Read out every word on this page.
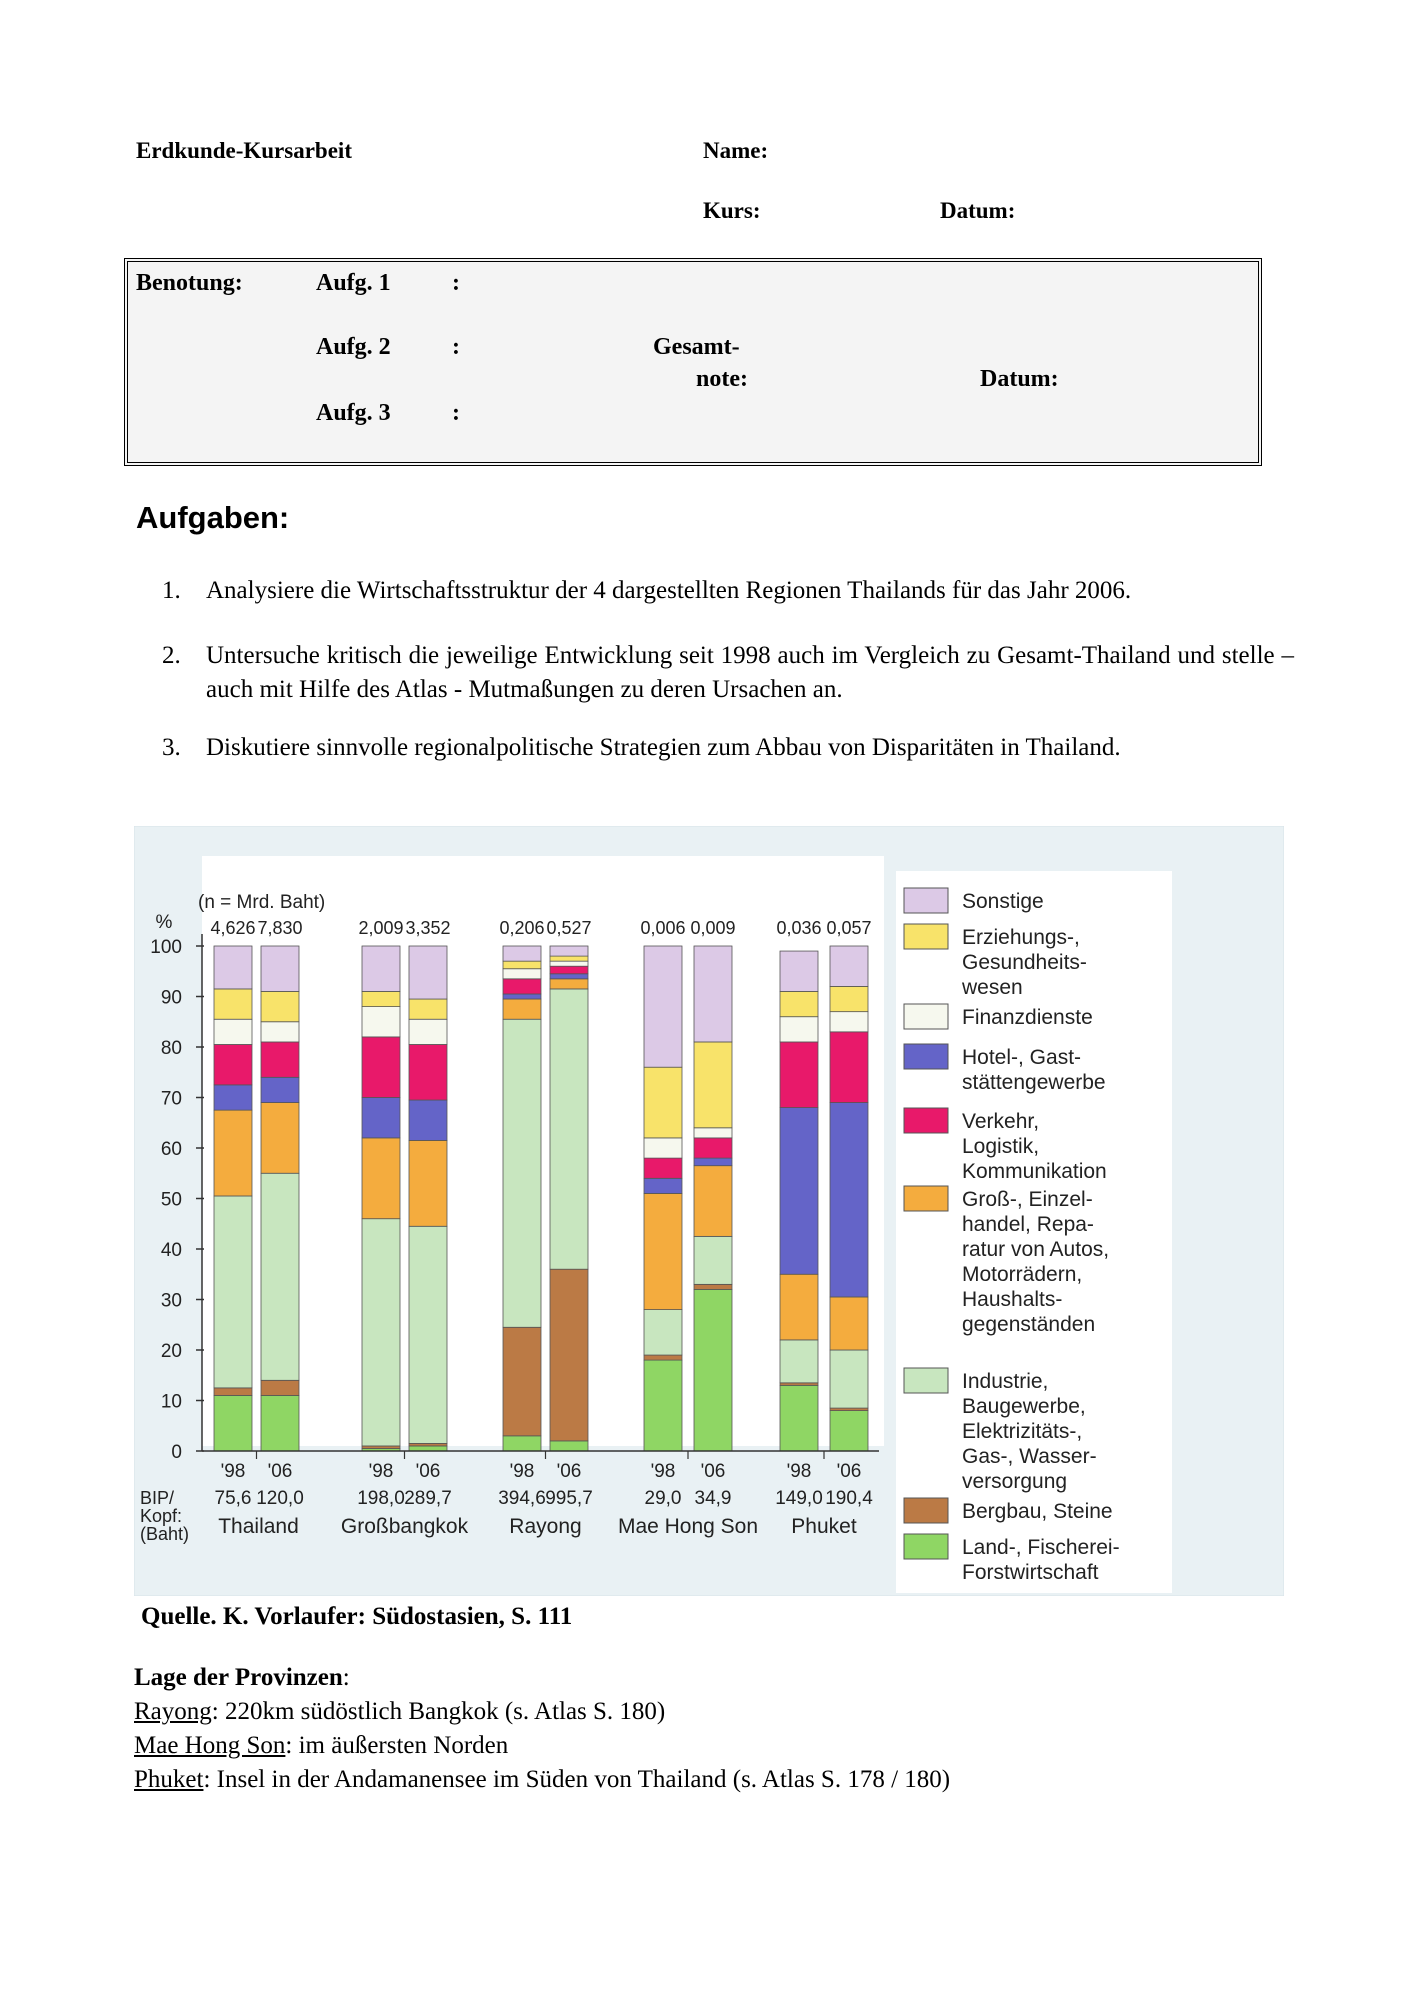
Erdkunde-Kursarbeit	Name:
Kurs:	Datum:
Benotung:	Aufg. 1	:
Aufg. 2	:
Aufg. 3	:
Gesamt-
note:	Datum:
Aufgaben:
1. Analysiere die Wirtschaftsstruktur der 4 dargestellten Regionen Thailands für das Jahr 2006.
2. Untersuche kritisch die jeweilige Entwicklung seit 1998 auch im Vergleich zu Gesamt-Thailand und stelle – auch mit Hilfe des Atlas - Mutmaßungen zu deren Ursachen an.
3. Diskutiere sinnvolle regionalpolitische Strategien zum Abbau von Disparitäten in Thailand.
0
10
20
30
40
50
60
70
80
90
100
%
(n = Mrd. Baht)
4,626
'98
75,6
7,830
'06
120,0
Thailand
2,009
'98
198,0
3,352
'06
289,7
Großbangkok
0,206
'98
394,6
0,527
'06
995,7
Rayong
0,006
'98
29,0
0,009
'06
34,9
Mae Hong Son
0,036
'98
149,0
0,057
'06
190,4
Phuket
BIP/
Kopf:
(Baht)
Sonstige
Erziehungs-,
Gesundheits-
wesen
Finanzdienste
Hotel-, Gast-
stättengewerbe
Verkehr,
Logistik,
Kommunikation
Groß-, Einzel-
handel, Repa-
ratur von Autos,
Motorrädern,
Haushalts-
gegenständen
Industrie,
Baugewerbe,
Elektrizitäts-,
Gas-, Wasser-
versorgung
Bergbau, Steine
Land-, Fischerei-
Forstwirtschaft
Quelle. K. Vorlaufer: Südostasien, S. 111
Lage der Provinzen:
Rayong: 220km südöstlich Bangkok (s. Atlas S. 180)
Mae Hong Son: im äußersten Norden
Phuket: Insel in der Andamanensee im Süden von Thailand (s. Atlas S. 178 / 180)
